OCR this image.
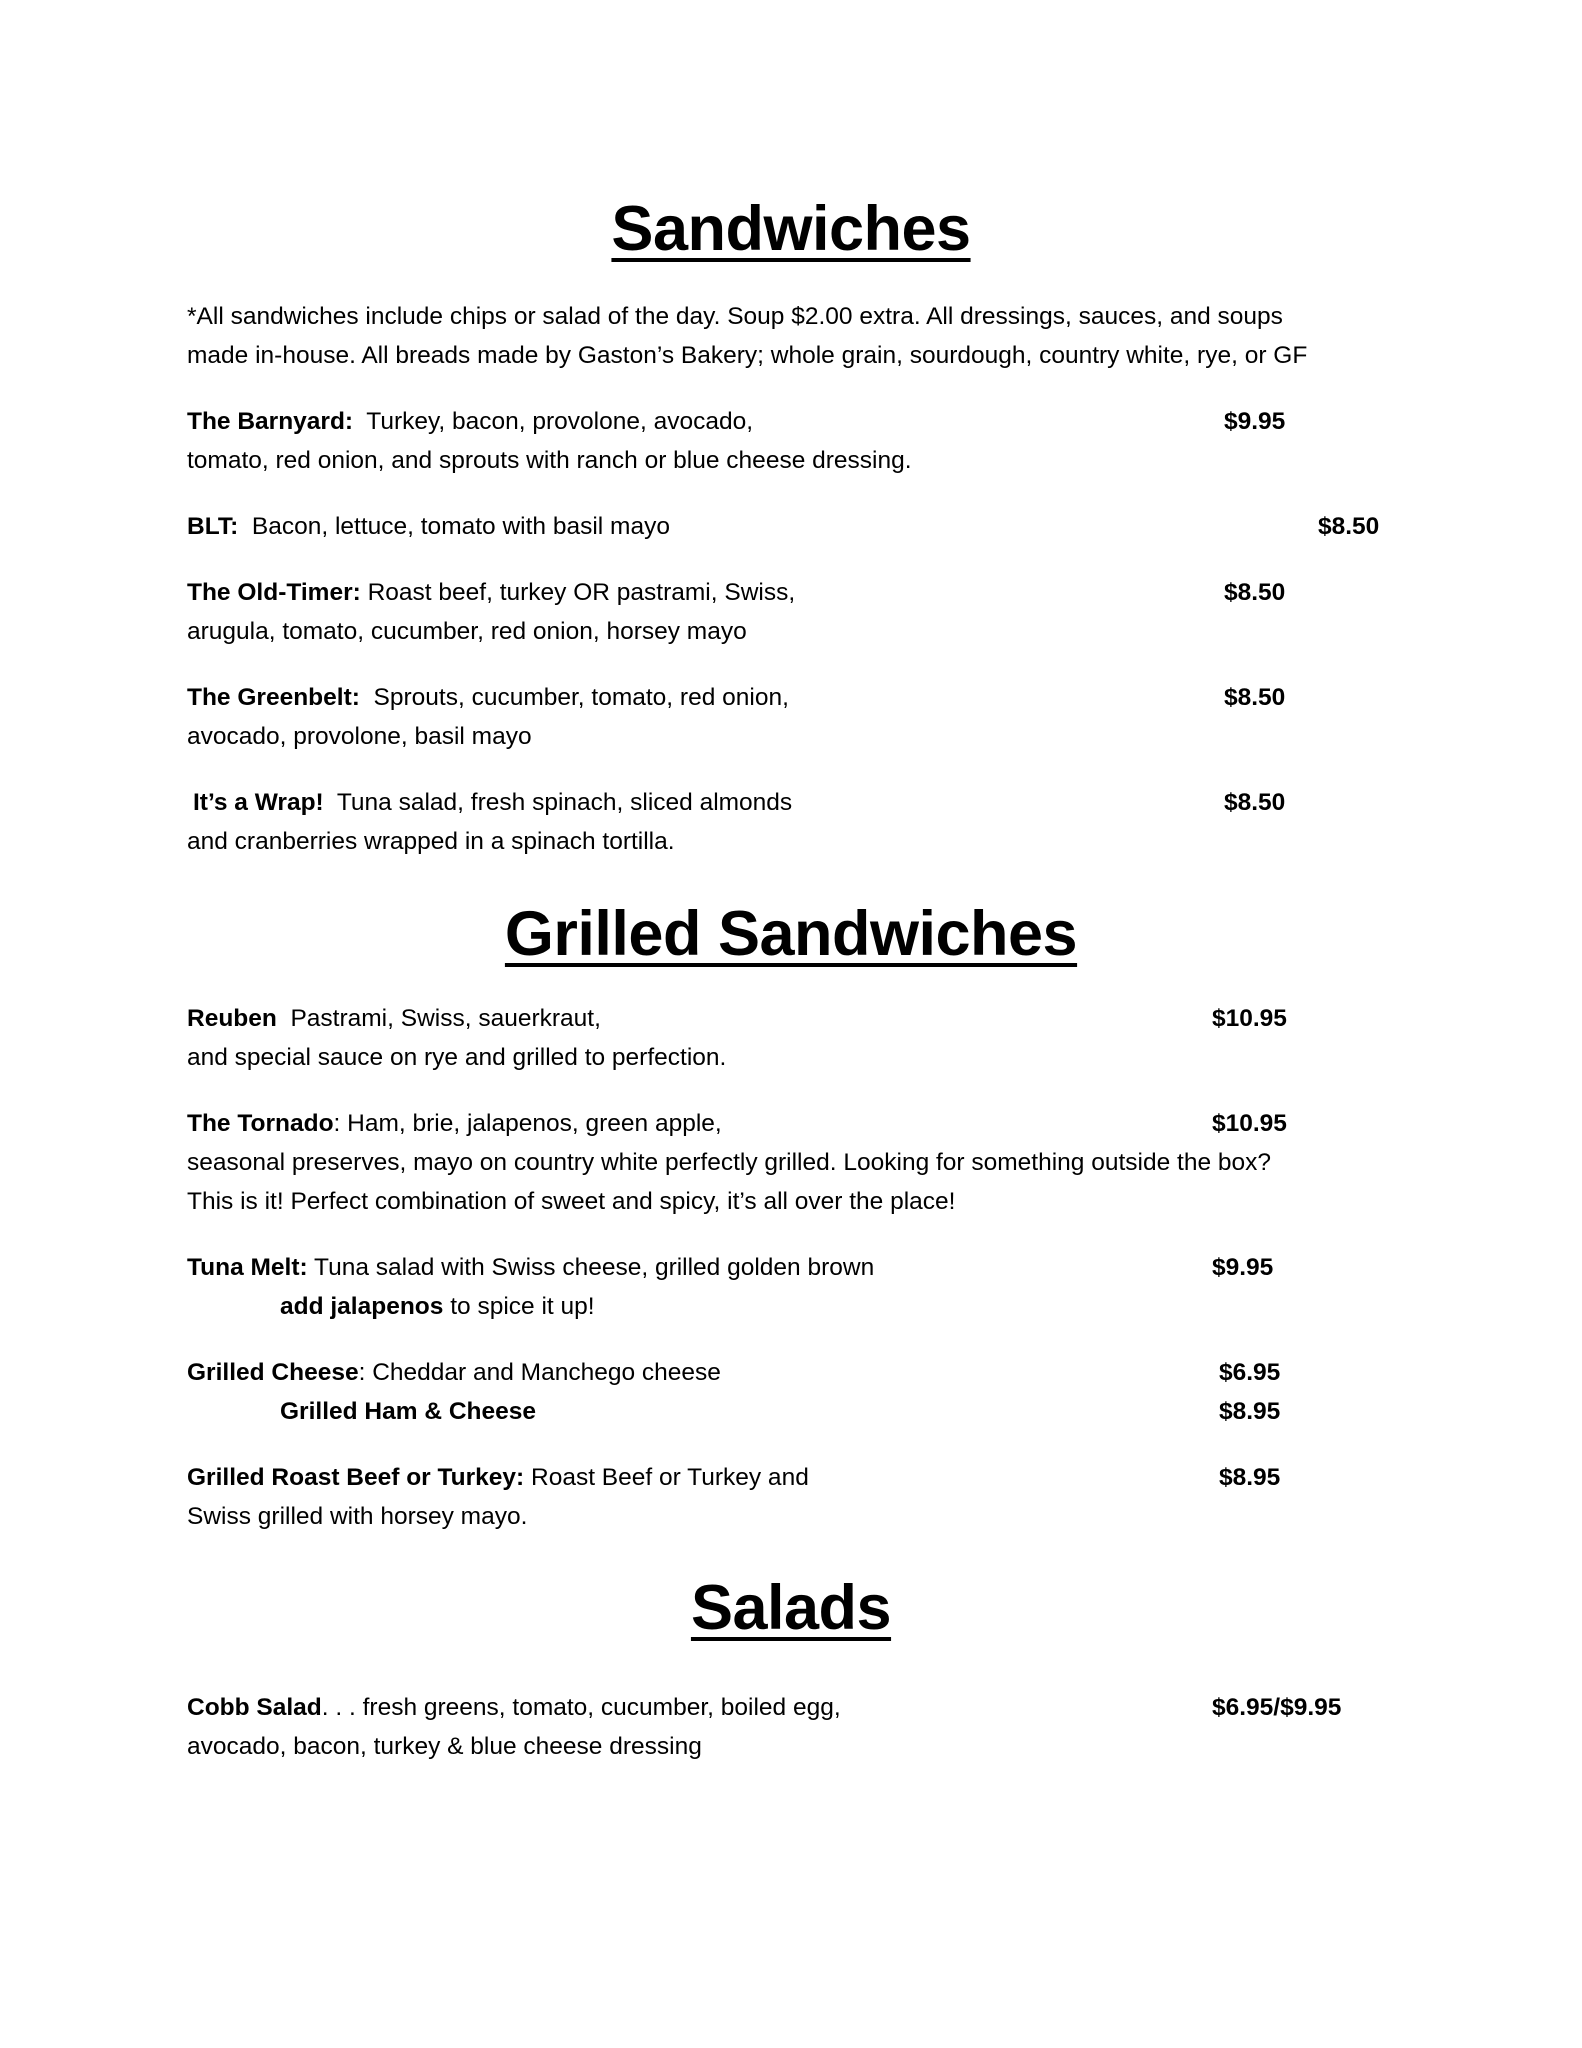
Sandwiches
*All sandwiches include chips or salad of the day. Soup $2.00 extra. All dressings, sauces, and soups
made in-house. All breads made by Gaston’s Bakery; whole grain, sourdough, country white, rye, or GF
The Barnyard: Turkey, bacon, provolone, avocado,	$9.95
tomato, red onion, and sprouts with ranch or blue cheese dressing.
BLT: Bacon, lettuce, tomato with basil mayo	$8.50
The Old-Timer: Roast beef, turkey OR pastrami, Swiss,	$8.50
arugula, tomato, cucumber, red onion, horsey mayo
The Greenbelt: Sprouts, cucumber, tomato, red onion,	$8.50
avocado, provolone, basil mayo
It’s a Wrap! Tuna salad, fresh spinach, sliced almonds	$8.50
and cranberries wrapped in a spinach tortilla.
Grilled Sandwiches
Reuben Pastrami, Swiss, sauerkraut,	$10.95
and special sauce on rye and grilled to perfection.
The Tornado: Ham, brie, jalapenos, green apple,	$10.95
seasonal preserves, mayo on country white perfectly grilled. Looking for something outside the box?
This is it! Perfect combination of sweet and spicy, it’s all over the place!
Tuna Melt: Tuna salad with Swiss cheese, grilled golden brown	$9.95
add jalapenos to spice it up!
Grilled Cheese: Cheddar and Manchego cheese	$6.95
Grilled Ham & Cheese	$8.95
Grilled Roast Beef or Turkey: Roast Beef or Turkey and	$8.95
Swiss grilled with horsey mayo.
Salads
Cobb Salad. . . fresh greens, tomato, cucumber, boiled egg,	$6.95/$9.95
avocado, bacon, turkey & blue cheese dressing
